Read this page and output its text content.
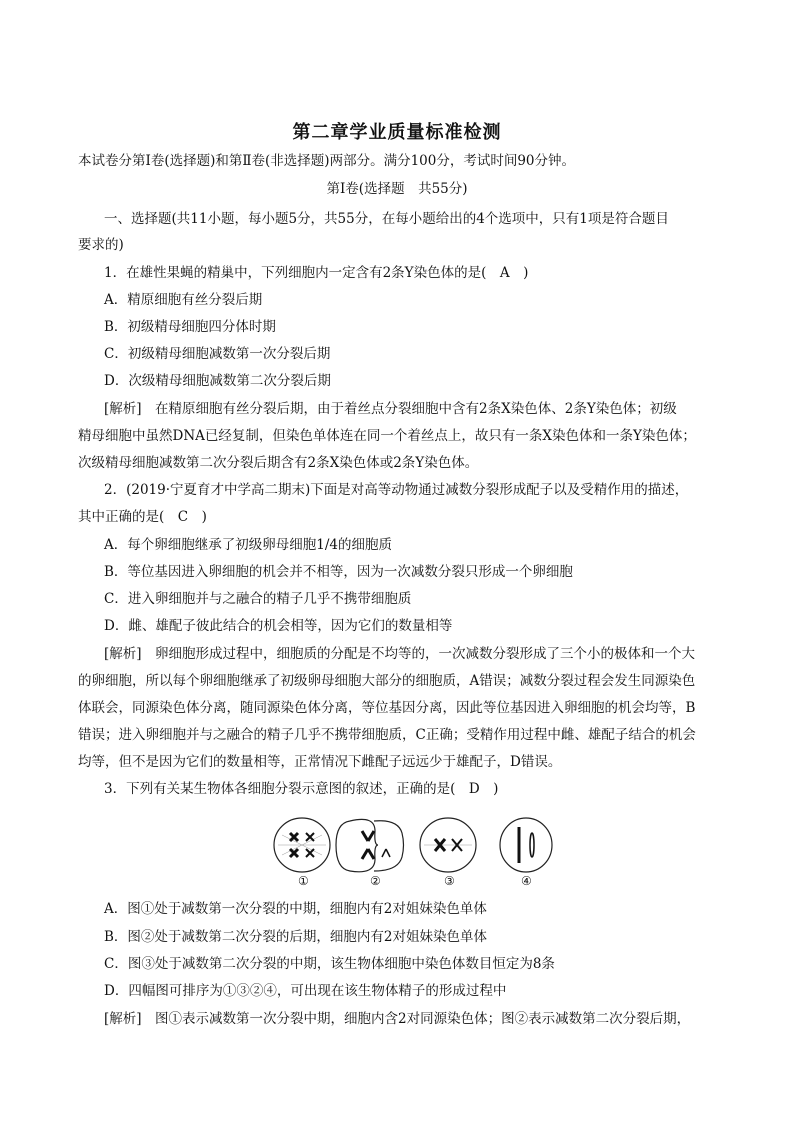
第二章学业质量标准检测
本试卷分第Ⅰ卷(选择题)和第Ⅱ卷(非选择题)两部分。满分100分，考试时间90分钟。
第Ⅰ卷(选择题　共55分)
一、选择题(共11小题，每小题5分，共55分，在每小题给出的4个选项中，只有1项是符合题目
要求的)
1．在雄性果蝇的精巢中，下列细胞内一定含有2条Y染色体的是(　A　)
A．精原细胞有丝分裂后期
B．初级精母细胞四分体时期
C．初级精母细胞减数第一次分裂后期
D．次级精母细胞减数第二次分裂后期
[解析]　在精原细胞有丝分裂后期，由于着丝点分裂细胞中含有2条X染色体、2条Y染色体；初级
精母细胞中虽然DNA已经复制，但染色单体连在同一个着丝点上，故只有一条X染色体和一条Y染色体；
次级精母细胞减数第二次分裂后期含有2条X染色体或2条Y染色体。
2．(2019·宁夏育才中学高二期末)下面是对高等动物通过减数分裂形成配子以及受精作用的描述，
其中正确的是(　C　)
A．每个卵细胞继承了初级卵母细胞1/4的细胞质
B．等位基因进入卵细胞的机会并不相等，因为一次减数分裂只形成一个卵细胞
C．进入卵细胞并与之融合的精子几乎不携带细胞质
D．雌、雄配子彼此结合的机会相等，因为它们的数量相等
[解析]　卵细胞形成过程中，细胞质的分配是不均等的，一次减数分裂形成了三个小的极体和一个大
的卵细胞，所以每个卵细胞继承了初级卵母细胞大部分的细胞质，A错误；减数分裂过程会发生同源染色
体联会，同源染色体分离，随同源染色体分离，等位基因分离，因此等位基因进入卵细胞的机会均等，B
错误；进入卵细胞并与之融合的精子几乎不携带细胞质，C正确；受精作用过程中雌、雄配子结合的机会
均等，但不是因为它们的数量相等，正常情况下雌配子远远少于雄配子，D错误。
3．下列有关某生物体各细胞分裂示意图的叙述，正确的是(　D　)
①	②	③	④
A．图①处于减数第一次分裂的中期，细胞内有2对姐妹染色单体
B．图②处于减数第二次分裂的后期，细胞内有2对姐妹染色单体
C．图③处于减数第二次分裂的中期，该生物体细胞中染色体数目恒定为8条
D．四幅图可排序为①③②④，可出现在该生物体精子的形成过程中
[解析]　图①表示减数第一次分裂中期，细胞内含2对同源染色体；图②表示减数第二次分裂后期，
